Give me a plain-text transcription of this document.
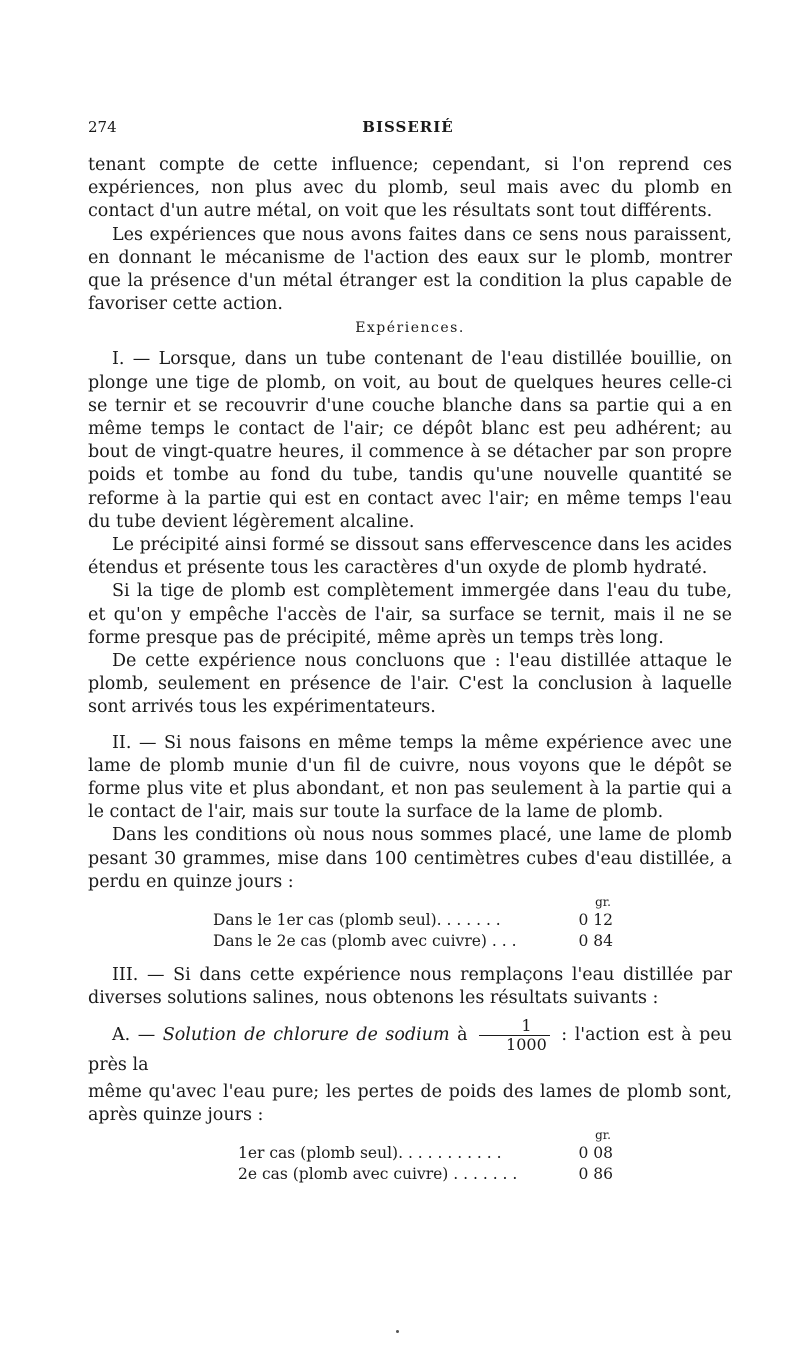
274	BISSERIÉ

tenant compte de cette influence; cependant, si l'on reprend ces expériences, non plus avec du plomb, seul mais avec du plomb en contact d'un autre métal, on voit que les résultats sont tout différents.

Les expériences que nous avons faites dans ce sens nous paraissent, en donnant le mécanisme de l'action des eaux sur le plomb, montrer que la présence d'un métal étranger est la condition la plus capable de favoriser cette action.

Expériences.

I. — Lorsque, dans un tube contenant de l'eau distillée bouillie, on plonge une tige de plomb, on voit, au bout de quelques heures celle-ci se ternir et se recouvrir d'une couche blanche dans sa partie qui a en même temps le contact de l'air; ce dépôt blanc est peu adhérent; au bout de vingt-quatre heures, il commence à se détacher par son propre poids et tombe au fond du tube, tandis qu'une nouvelle quantité se reforme à la partie qui est en contact avec l'air; en même temps l'eau du tube devient légèrement alcaline.

Le précipité ainsi formé se dissout sans effervescence dans les acides étendus et présente tous les caractères d'un oxyde de plomb hydraté.

Si la tige de plomb est complètement immergée dans l'eau du tube, et qu'on y empêche l'accès de l'air, sa surface se ternit, mais il ne se forme presque pas de précipité, même après un temps très long.

De cette expérience nous concluons que : l'eau distillée attaque le plomb, seulement en présence de l'air. C'est la conclusion à laquelle sont arrivés tous les expérimentateurs.

II. — Si nous faisons en même temps la même expérience avec une lame de plomb munie d'un fil de cuivre, nous voyons que le dépôt se forme plus vite et plus abondant, et non pas seulement à la partie qui a le contact de l'air, mais sur toute la surface de la lame de plomb.

Dans les conditions où nous nous sommes placé, une lame de plomb pesant 30 grammes, mise dans 100 centimètres cubes d'eau distillée, a perdu en quinze jours :

gr.
Dans le 1er cas (plomb seul). . . . . . .	0 12
Dans le 2e cas (plomb avec cuivre) . . .	0 84

III. — Si dans cette expérience nous remplaçons l'eau distillée par diverses solutions salines, nous obtenons les résultats suivants :

A. — Solution de chlorure de sodium à $\frac{1}{1000}$ : l'action est à peu près la

même qu'avec l'eau pure; les pertes de poids des lames de plomb sont, après quinze jours :

gr.
1er cas (plomb seul). . . . . . . . . . .	0 08
2e cas (plomb avec cuivre) . . . . . . .	0 86
